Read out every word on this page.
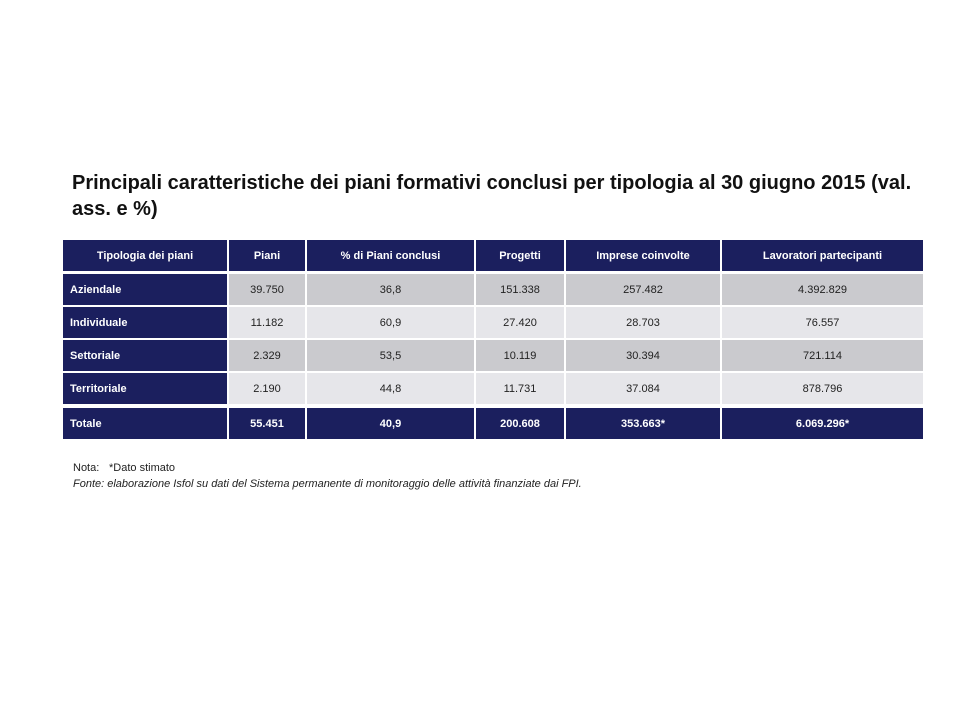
Principali caratteristiche dei piani formativi conclusi per tipologia al 30 giugno 2015 (val. ass. e %)
Tipologia dei piani	Piani	% di Piani conclusi	Progetti	Imprese coinvolte	Lavoratori partecipanti
Aziendale	39.750	36,8	151.338	257.482	4.392.829
Individuale	11.182	60,9	27.420	28.703	76.557
Settoriale	2.329	53,5	10.119	30.394	721.114
Territoriale	2.190	44,8	11.731	37.084	878.796

Totale	55.451	40,9	200.608	353.663*	6.069.296*
Nota: *Dato stimato
Fonte: elaborazione Isfol su dati del Sistema permanente di monitoraggio delle attività finanziate dai FPI.
